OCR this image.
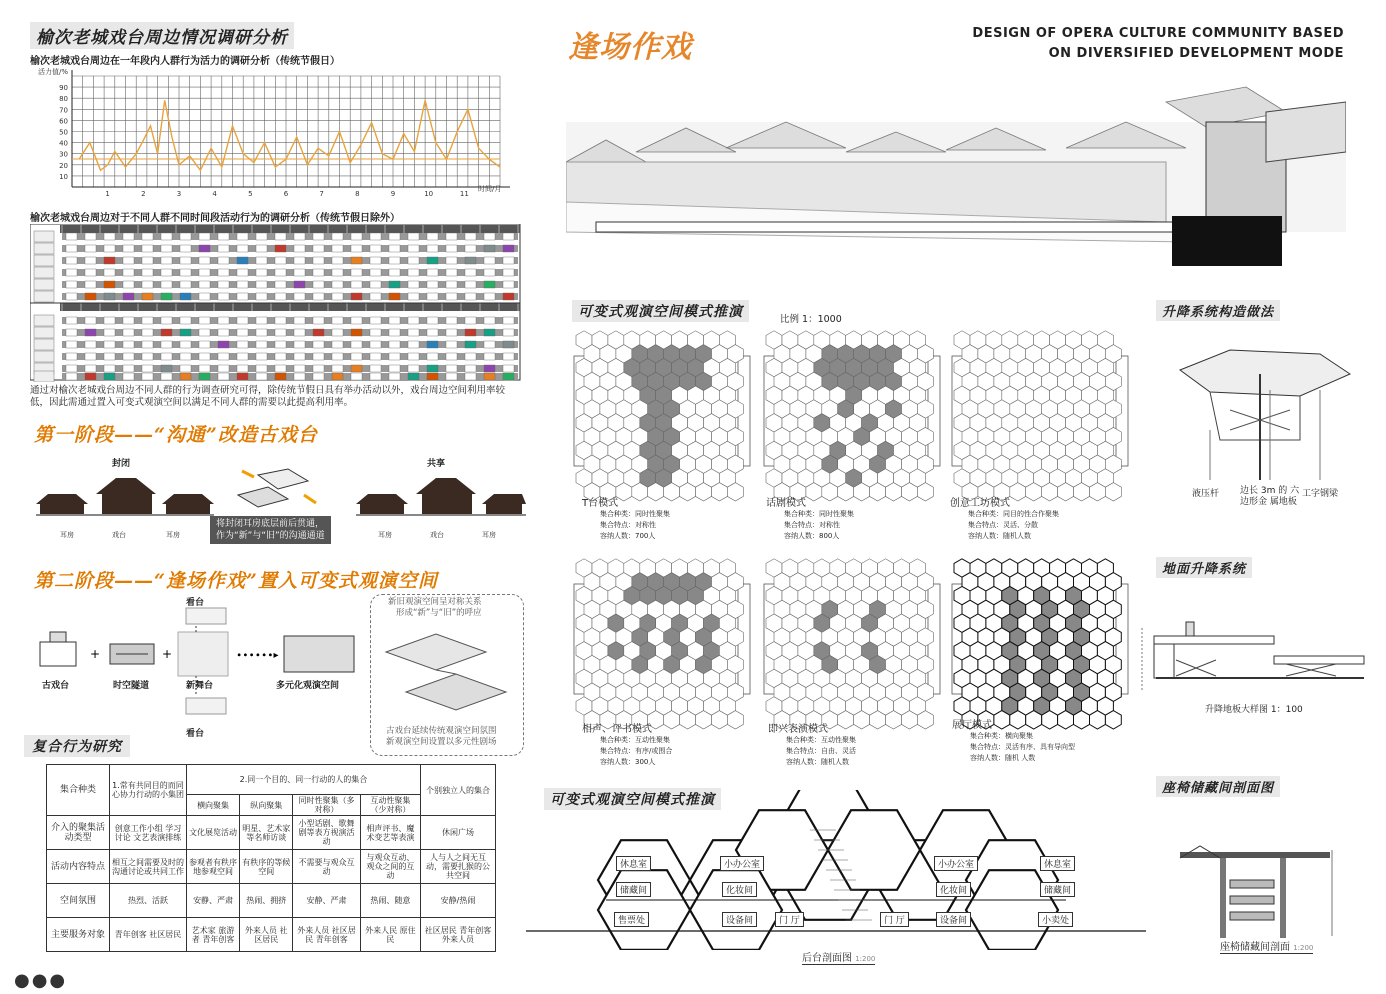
榆次老城戏台周边情况调研分析
榆次老城戏台周边在一年段内人群行为活力的调研分析（传统节假日）
活力值/%
10
20
30
40
50
60
70
80
90
1	2	3	4	5	6	7	8	9	10	11
时间/月
榆次老城戏台周边对于不同人群不同时间段活动行为的调研分析（传统节假日除外）
通过对榆次老城戏台周边不同人群的行为调查研究可得，除传统节假日具有举办活动以外，戏台周边空间利用率较低，因此需通过置入可变式观演空间以满足不同人群的需要以此提高利用率。
第一阶段——“沟通”改造古戏台
封闭	共享
将封闭耳房底层前后贯通，
作为“新”与“旧”的沟通通道
耳房	戏台	耳房	耳房	戏台	耳房
第二阶段——“逢场作戏”置入可变式观演空间
看台
+	+	∙∙∙∙∙∙▸
古戏台	时空隧道	新舞台	多元化观演空间
看台
新旧观演空间呈对称关系
形成“新”与“旧”的呼应
古戏台延续传统观演空间氛围
新观演空间设置以多元性剧场
复合行为研究
集合种类	1.常有共同目的而同心协力行动的小集团	2.同一个目的、同一行动的人的集合				个别独立人的集合
		横向聚集	纵向聚集	同时性聚集（多对称）	互动性聚集（少对称）	
介入的聚集活动类型	创意工作小组 学习讨论 文艺表演排练	文化展览活动	明星、艺术家等名师访谈	小型话剧、歌舞剧等表方视演活动	相声评书、魔术变艺等表演	休闲广场
活动内容特点	相互之间需要及时的沟通讨论或共同工作	参观者有秩序地参观空间	有秩序的等候空间	不需要与观众互动	与观众互动、观众之间的互动	人与人之间无互动，需要扎猴的公共空间
空间氛围	热烈、活跃	安静、严肃	热闹、拥挤	安静、严肃	热闹、随意	安静/热闹
主要服务对象	青年创客 社区居民	艺术家 旅游者 青年创客	外来人员 社区居民	外来人员 社区居民 青年创客	外来人民 原住民	社区居民 青年创客 外来人员
●●●
逢场作戏	DESIGN OF OPERA CULTURE COMMUNITY BASED
ON DIVERSIFIED DEVELOPMENT MODE
可变式观演空间模式推演	比例 1：1000
T台模式
集合种类：同时性聚集
集合特点：对称性
容纳人数：700人
话剧模式
集合种类：同时性聚集
集合特点：对称性
容纳人数：800人
创意工坊模式
集合种类：同目的性合作聚集
集合特点：灵活、分散
容纳人数：随机人数
相声、评书模式
集合种类：互动性聚集
集合特点：有序/或围合
容纳人数：300人
即兴表演模式
集合种类：互动性聚集
集合特点：自由、灵活
容纳人数：随机人数
展厅模式
集合种类：横向聚集
集合特点：灵活有序、具有导向型
容纳人数：随机 人数
升降系统构造做法
液压杆 边长 3m 的 六边形金 属地板
工字钢梁
地面升降系统
升降地板大样图 1：100
可变式观演空间模式推演
休息室
储藏间
售票处
小办公室
化妆间
设备间	门 厅	门 厅
小办公室
化妆间
设备间
休息室
储藏间
小卖处
后台剖面图 1:200
座椅储藏间剖面图
座椅储藏间剖面 1:200
